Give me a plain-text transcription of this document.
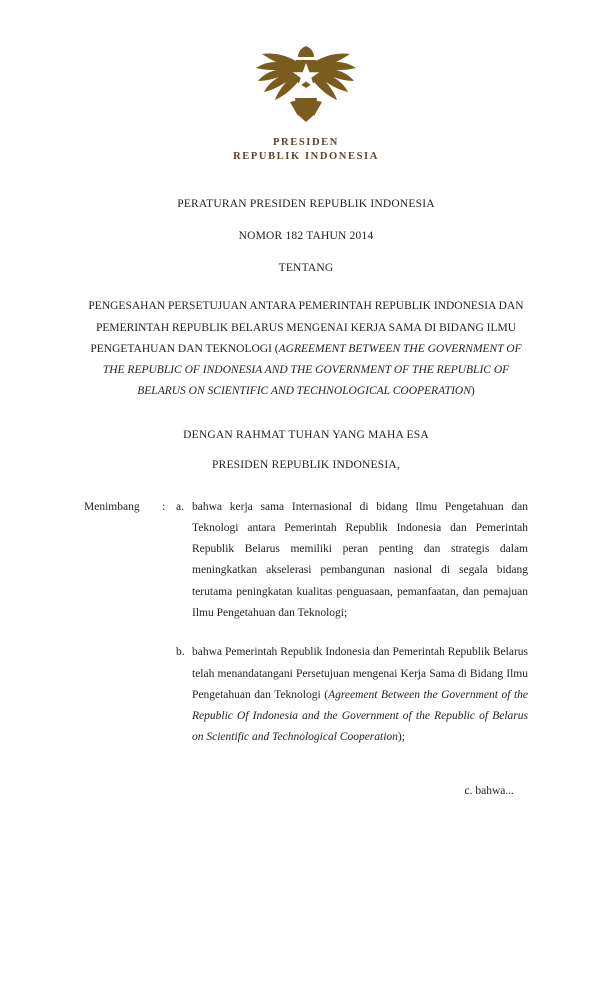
PRESIDEN
REPUBLIK INDONESIA
PERATURAN PRESIDEN REPUBLIK INDONESIA
NOMOR 182 TAHUN 2014
TENTANG
PENGESAHAN PERSETUJUAN ANTARA PEMERINTAH REPUBLIK INDONESIA DAN PEMERINTAH REPUBLIK BELARUS MENGENAI KERJA SAMA DI BIDANG ILMU PENGETAHUAN DAN TEKNOLOGI (AGREEMENT BETWEEN THE GOVERNMENT OF THE REPUBLIC OF INDONESIA AND THE GOVERNMENT OF THE REPUBLIC OF BELARUS ON SCIENTIFIC AND TECHNOLOGICAL COOPERATION)
DENGAN RAHMAT TUHAN YANG MAHA ESA
PRESIDEN REPUBLIK INDONESIA,
Menimbang	: a. bahwa kerja sama Internasional di bidang Ilmu Pengetahuan dan Teknologi antara Pemerintah Republik Indonesia dan Pemerintah Republik Belarus memiliki peran penting dan strategis dalam meningkatkan akselerasi pembangunan nasional di segala bidang terutama peningkatan kualitas penguasaan, pemanfaatan, dan pemajuan Ilmu Pengetahuan dan Teknologi;
b. bahwa Pemerintah Republik Indonesia dan Pemerintah Republik Belarus telah menandatangani Persetujuan mengenai Kerja Sama di Bidang Ilmu Pengetahuan dan Teknologi (Agreement Between the Government of the Republic Of Indonesia and the Government of the Republic of Belarus on Scientific and Technological Cooperation);
c. bahwa...
